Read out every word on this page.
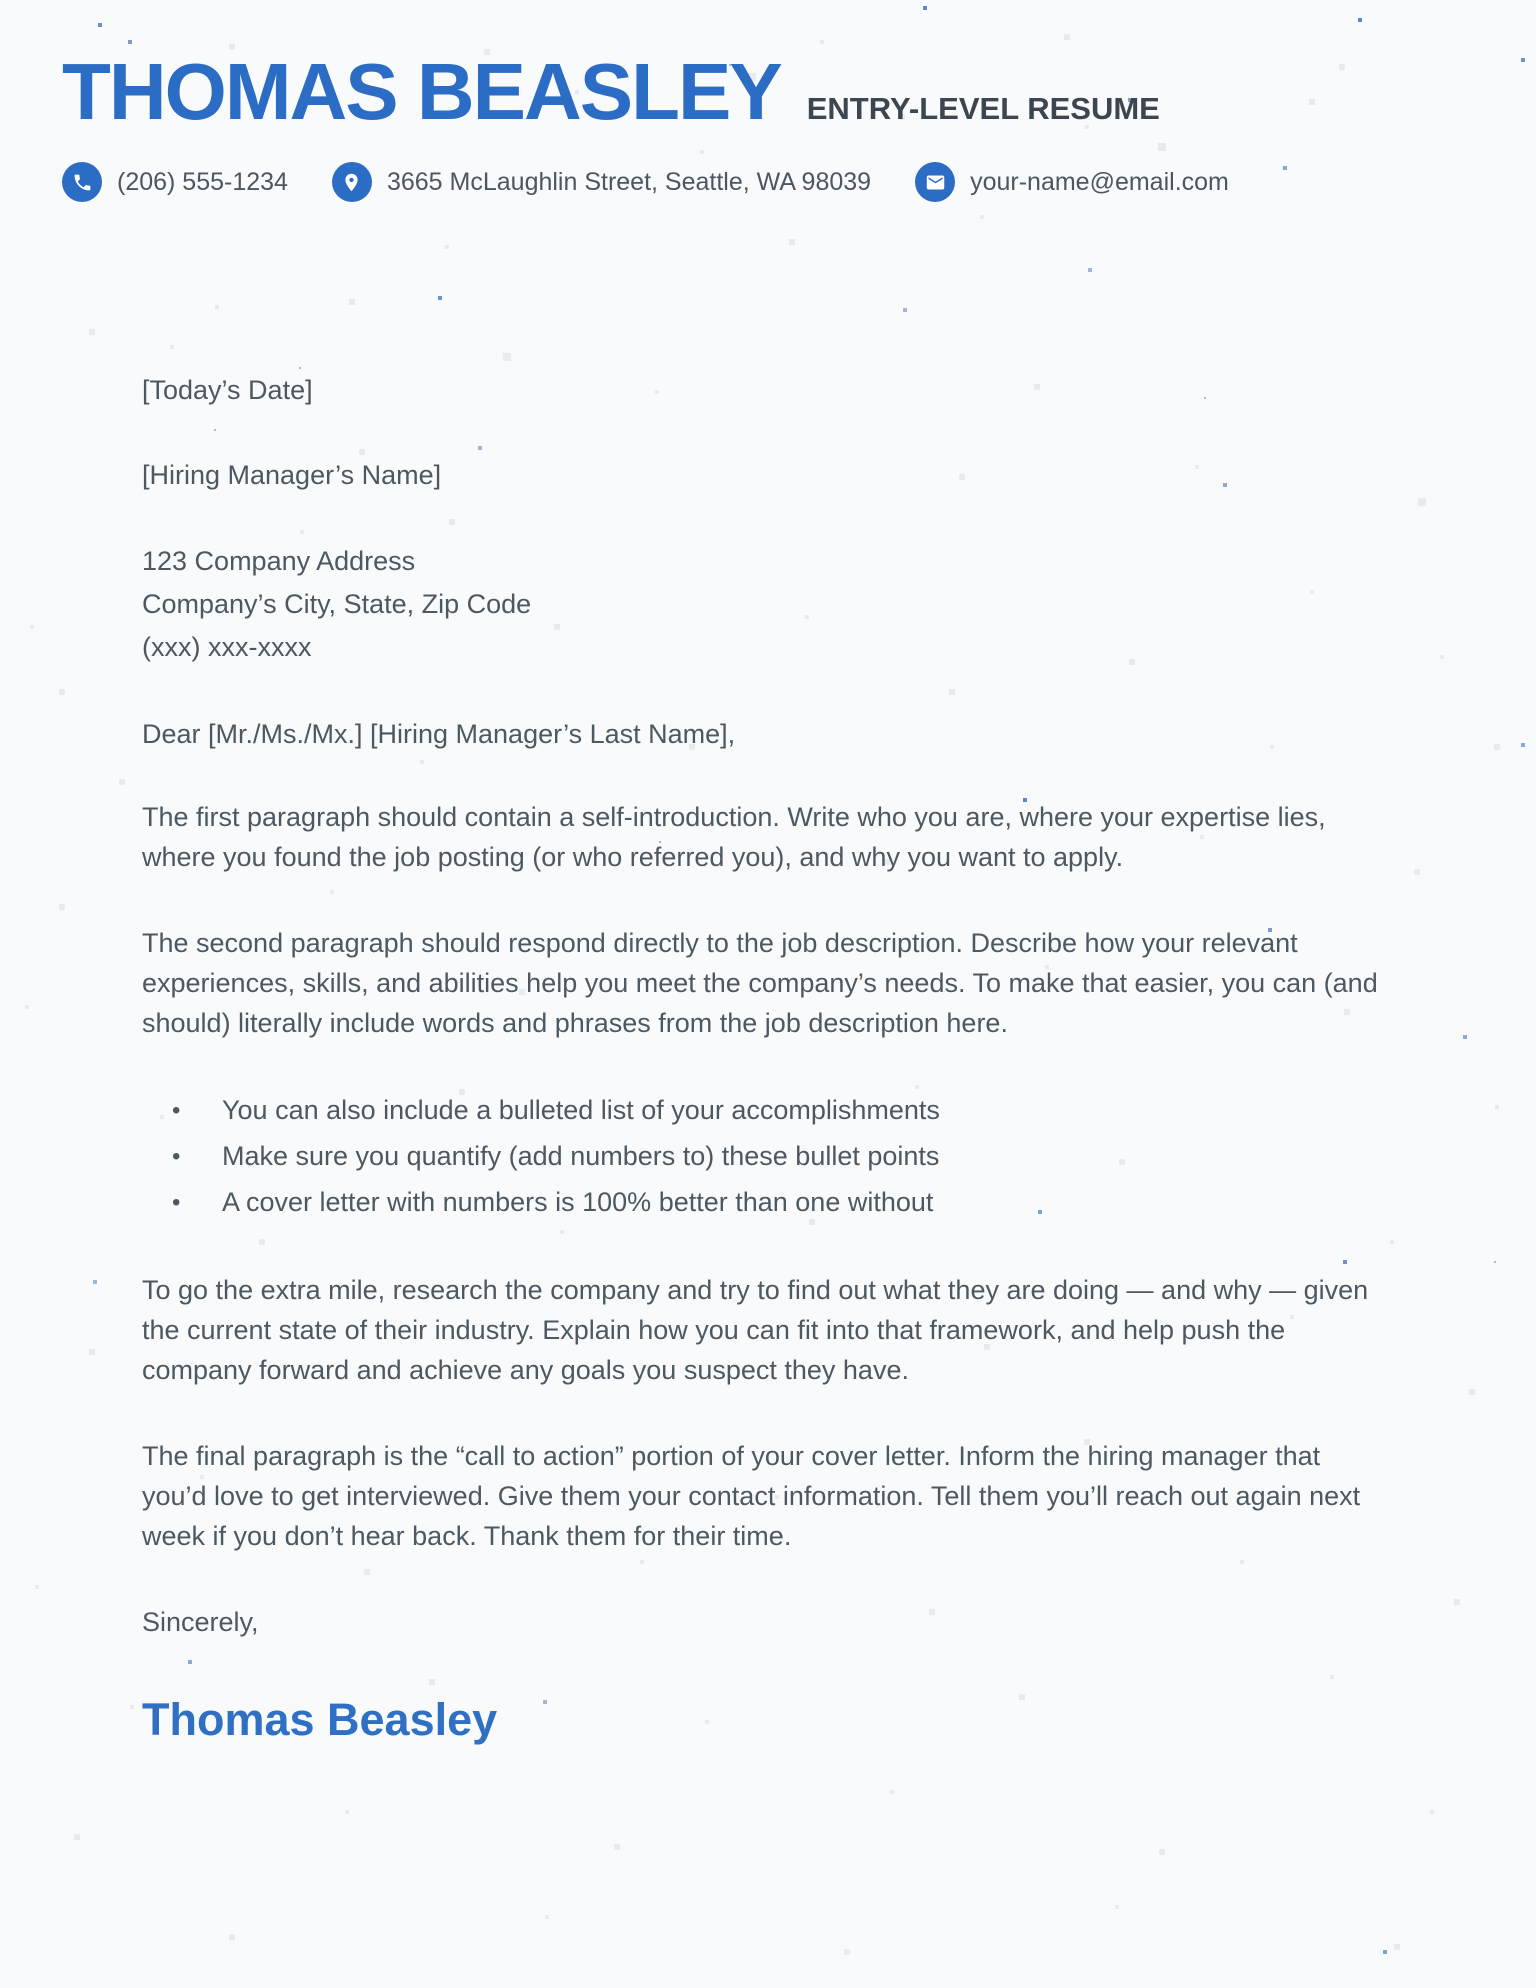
THOMAS BEASLEY ENTRY-LEVEL RESUME
(206) 555-1234	3665 McLaughlin Street, Seattle, WA 98039	your-name@email.com
[Today’s Date]
[Hiring Manager’s Name]
123 Company Address
Company’s City, State, Zip Code
(xxx) xxx-xxxx
Dear [Mr./Ms./Mx.] [Hiring Manager’s Last Name],

The first paragraph should contain a self-introduction. Write who you are, where your expertise lies, where you found the job posting (or who referred you), and why you want to apply.

The second paragraph should respond directly to the job description. Describe how your relevant experiences, skills, and abilities help you meet the company’s needs. To make that easier, you can (and should) literally include words and phrases from the job description here.

• You can also include a bulleted list of your accomplishments
• Make sure you quantify (add numbers to) these bullet points
• A cover letter with numbers is 100% better than one without

To go the extra mile, research the company and try to find out what they are doing — and why — given the current state of their industry. Explain how you can fit into that framework, and help push the company forward and achieve any goals you suspect they have.

The final paragraph is the “call to action” portion of your cover letter. Inform the hiring manager that you’d love to get interviewed. Give them your contact information. Tell them you’ll reach out again next week if you don’t hear back. Thank them for their time.

Sincerely,
Thomas Beasley
